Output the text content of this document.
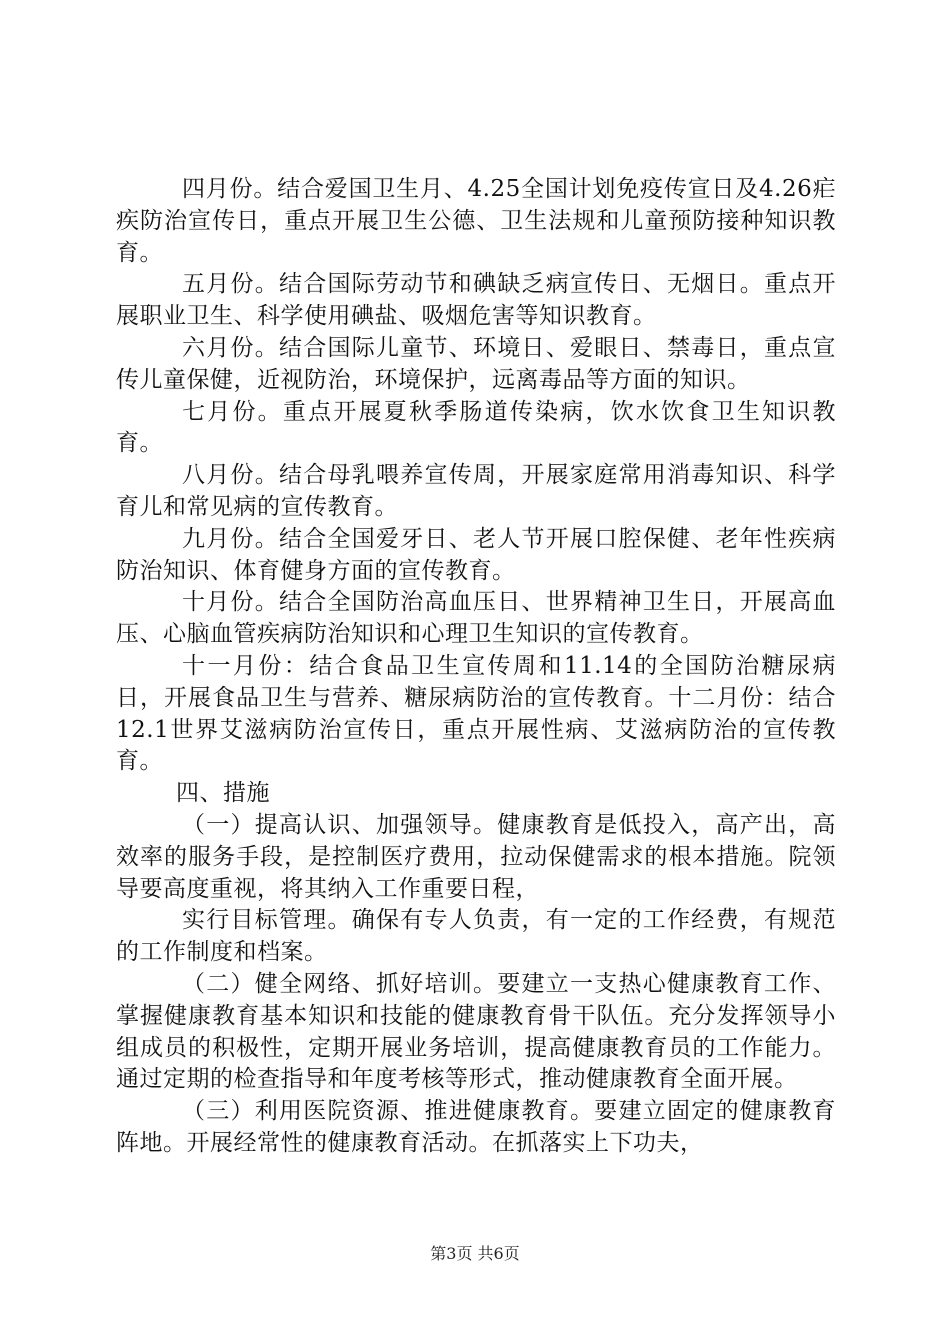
四月份。结合爱国卫生月、4.25全国计划免疫传宣日及4.26疟疾防治宣传日，重点开展卫生公德、卫生法规和儿童预防接种知识教育。

五月份。结合国际劳动节和碘缺乏病宣传日、无烟日。重点开展职业卫生、科学使用碘盐、吸烟危害等知识教育。

六月份。结合国际儿童节、环境日、爱眼日、禁毒日，重点宣传儿童保健，近视防治，环境保护，远离毒品等方面的知识。

七月份。重点开展夏秋季肠道传染病，饮水饮食卫生知识教育。

八月份。结合母乳喂养宣传周，开展家庭常用消毒知识、科学育儿和常见病的宣传教育。

九月份。结合全国爱牙日、老人节开展口腔保健、老年性疾病防治知识、体育健身方面的宣传教育。

十月份。结合全国防治高血压日、世界精神卫生日，开展高血压、心脑血管疾病防治知识和心理卫生知识的宣传教育。

十一月份：结合食品卫生宣传周和11.14的全国防治糖尿病日，开展食品卫生与营养、糖尿病防治的宣传教育。十二月份：结合12.1世界艾滋病防治宣传日，重点开展性病、艾滋病防治的宣传教育。

四、措施

（一）提高认识、加强领导。健康教育是低投入，高产出，高效率的服务手段，是控制医疗费用，拉动保健需求的根本措施。院领导要高度重视，将其纳入工作重要日程，

实行目标管理。确保有专人负责，有一定的工作经费，有规范的工作制度和档案。

（二）健全网络、抓好培训。要建立一支热心健康教育工作、掌握健康教育基本知识和技能的健康教育骨干队伍。充分发挥领导小组成员的积极性，定期开展业务培训，提高健康教育员的工作能力。通过定期的检查指导和年度考核等形式，推动健康教育全面开展。

（三）利用医院资源、推进健康教育。要建立固定的健康教育阵地。开展经常性的健康教育活动。在抓落实上下功夫，

第3页 共6页
